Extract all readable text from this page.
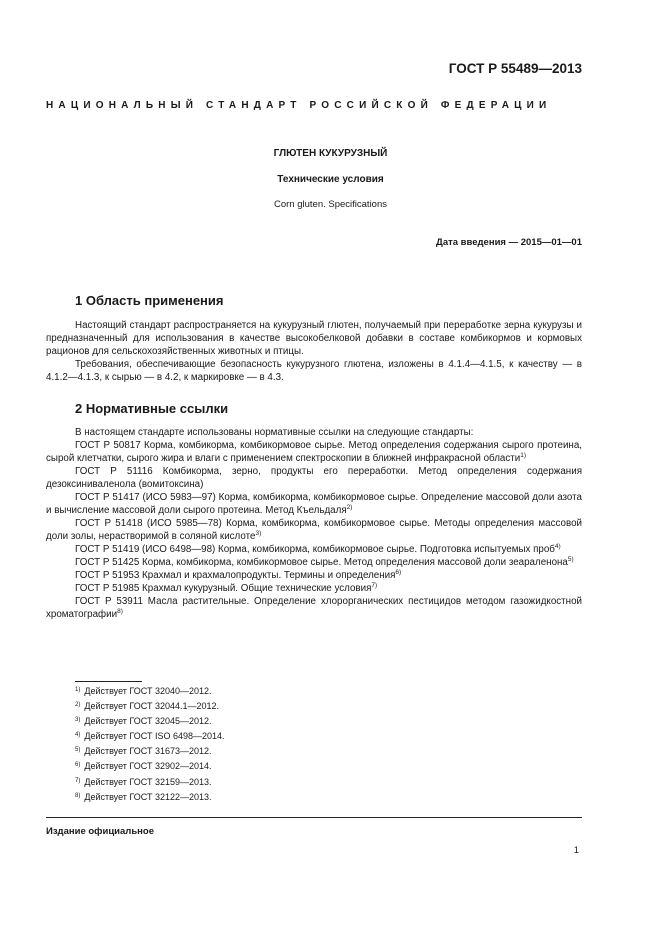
ГОСТ Р 55489—2013
НАЦИОНАЛЬНЫЙ СТАНДАРТ РОССИЙСКОЙ ФЕДЕРАЦИИ
ГЛЮТЕН КУКУРУЗНЫЙ
Технические условия
Corn gluten. Specifications
Дата введения — 2015—01—01
1 Область применения

Настоящий стандарт распространяется на кукурузный глютен, получаемый при переработке зерна кукурузы и предназначенный для использования в качестве высокобелковой добавки в составе комбикормов и кормовых рационов для сельскохозяйственных животных и птицы.

Требования, обеспечивающие безопасность кукурузного глютена, изложены в 4.1.4—4.1.5, к качеству — в 4.1.2—4.1.3, к сырью — в 4.2, к маркировке — в 4.3.

2 Нормативные ссылки

В настоящем стандарте использованы нормативные ссылки на следующие стандарты:

ГОСТ Р 50817 Корма, комбикорма, комбикормовое сырье. Метод определения содержания сырого протеина, сырой клетчатки, сырого жира и влаги с применением спектроскопии в ближней инфракрасной области$^{1)}$

ГОСТ Р 51116 Комбикорма, зерно, продукты его переработки. Метод определения содержания дезоксиниваленола (вомитоксина)

ГОСТ Р 51417 (ИСО 5983—97) Корма, комбикорма, комбикормовое сырье. Определение массовой доли азота и вычисление массовой доли сырого протеина. Метод Къельдаля$^{2)}$

ГОСТ Р 51418 (ИСО 5985—78) Корма, комбикорма, комбикормовое сырье. Методы определения массовой доли золы, нерастворимой в соляной кислоте$^{3)}$

ГОСТ Р 51419 (ИСО 6498—98) Корма, комбикорма, комбикормовое сырье. Подготовка испытуемых проб$^{4)}$

ГОСТ Р 51425 Корма, комбикорма, комбикормовое сырье. Метод определения массовой доли зеараленона$^{5)}$

ГОСТ Р 51953 Крахмал и крахмалопродукты. Термины и определения$^{6)}$

ГОСТ Р 51985 Крахмал кукурузный. Общие технические условия$^{7)}$

ГОСТ Р 53911 Масла растительные. Определение хлорорганических пестицидов методом газожидкостной хроматографии$^{8)}$

$^{1)}$ Действует ГОСТ 32040—2012.
$^{2)}$ Действует ГОСТ 32044.1—2012.
$^{3)}$ Действует ГОСТ 32045—2012.
$^{4)}$ Действует ГОСТ ISO 6498—2014.
$^{5)}$ Действует ГОСТ 31673—2012.
$^{6)}$ Действует ГОСТ 32902—2014.
$^{7)}$ Действует ГОСТ 32159—2013.
$^{8)}$ Действует ГОСТ 32122—2013.
Издание официальное
1
